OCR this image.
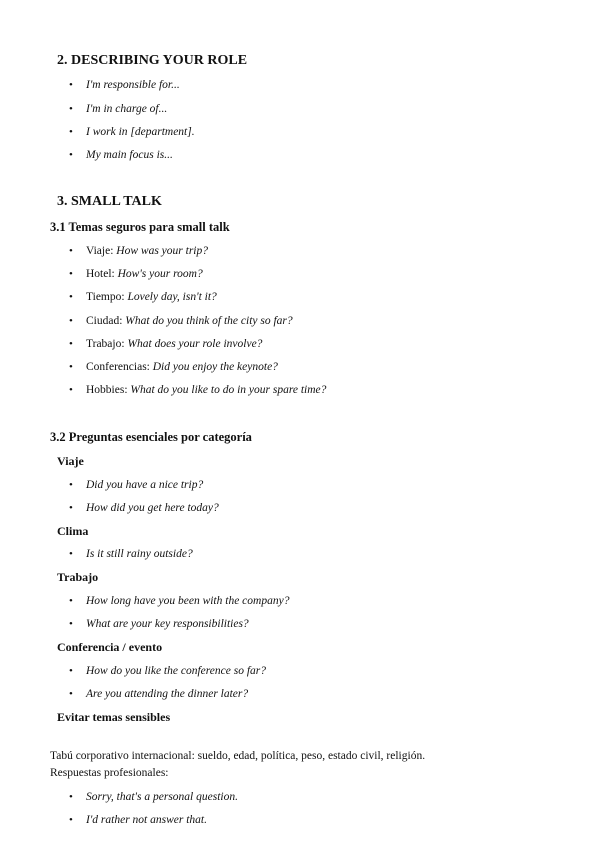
2. DESCRIBING YOUR ROLE
• I'm responsible for...
• I'm in charge of...
• I work in [department].
• My main focus is...
3. SMALL TALK
3.1 Temas seguros para small talk
• Viaje: How was your trip?
• Hotel: How's your room?
• Tiempo: Lovely day, isn't it?
• Ciudad: What do you think of the city so far?
• Trabajo: What does your role involve?
• Conferencias: Did you enjoy the keynote?
• Hobbies: What do you like to do in your spare time?
3.2 Preguntas esenciales por categoría
Viaje
• Did you have a nice trip?
• How did you get here today?
Clima
• Is it still rainy outside?
Trabajo
• How long have you been with the company?
• What are your key responsibilities?
Conferencia / evento
• How do you like the conference so far?
• Are you attending the dinner later?
Evitar temas sensibles
Tabú corporativo internacional: sueldo, edad, política, peso, estado civil, religión.
Respuestas profesionales:
• Sorry, that's a personal question.
• I'd rather not answer that.
